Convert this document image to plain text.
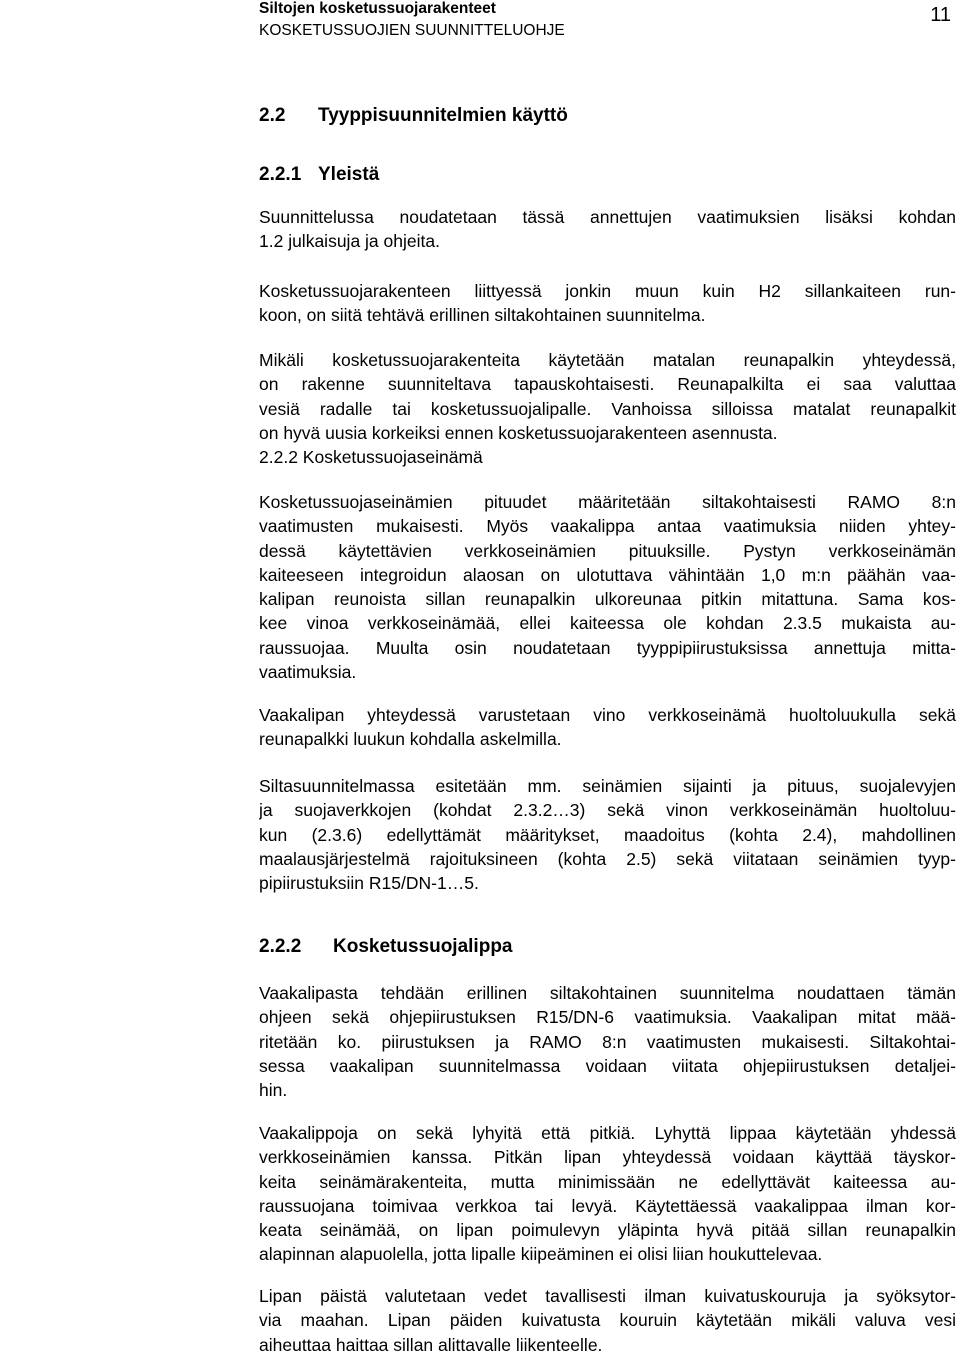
Siltojen kosketussuojarakenteet
KOSKETUSSUOJIEN SUUNNITTELUOHJE
11
2.2 Tyyppisuunnitelmien käyttö
2.2.1 Yleistä
Suunnittelussa noudatetaan tässä annettujen vaatimuksien lisäksi kohdan
1.2 julkaisuja ja ohjeita.
Kosketussuojarakenteen liittyessä jonkin muun kuin H2 sillankaiteen run-
koon, on siitä tehtävä erillinen siltakohtainen suunnitelma.
Mikäli kosketussuojarakenteita käytetään matalan reunapalkin yhteydessä,
on rakenne suunniteltava tapauskohtaisesti. Reunapalkilta ei saa valuttaa
vesiä radalle tai kosketussuojalipalle. Vanhoissa silloissa matalat reunapalkit
on hyvä uusia korkeiksi ennen kosketussuojarakenteen asennusta.
2.2.2 Kosketussuojaseinämä
Kosketussuojaseinämien pituudet määritetään siltakohtaisesti RAMO 8:n
vaatimusten mukaisesti. Myös vaakalippa antaa vaatimuksia niiden yhtey-
dessä käytettävien verkkoseinämien pituuksille. Pystyn verkkoseinämän
kaiteeseen integroidun alaosan on ulotuttava vähintään 1,0 m:n päähän vaa-
kalipan reunoista sillan reunapalkin ulkoreunaa pitkin mitattuna. Sama kos-
kee vinoa verkkoseinämää, ellei kaiteessa ole kohdan 2.3.5 mukaista au-
raussuojaa. Muulta osin noudatetaan tyyppipiirustuksissa annettuja mitta-
vaatimuksia.
Vaakalipan yhteydessä varustetaan vino verkkoseinämä huoltoluukulla sekä
reunapalkki luukun kohdalla askelmilla.
Siltasuunnitelmassa esitetään mm. seinämien sijainti ja pituus, suojalevyjen
ja suojaverkkojen (kohdat 2.3.2…3) sekä vinon verkkoseinämän huoltoluu-
kun (2.3.6) edellyttämät määritykset, maadoitus (kohta 2.4), mahdollinen
maalausjärjestelmä rajoituksineen (kohta 2.5) sekä viitataan seinämien tyyp-
pipiirustuksiin R15/DN-1…5.
2.2.2 Kosketussuojalippa
Vaakalipasta tehdään erillinen siltakohtainen suunnitelma noudattaen tämän
ohjeen sekä ohjepiirustuksen R15/DN-6 vaatimuksia. Vaakalipan mitat mää-
ritetään ko. piirustuksen ja RAMO 8:n vaatimusten mukaisesti. Siltakohtai-
sessa vaakalipan suunnitelmassa voidaan viitata ohjepiirustuksen detaljei-
hin.
Vaakalippoja on sekä lyhyitä että pitkiä. Lyhyttä lippaa käytetään yhdessä
verkkoseinämien kanssa. Pitkän lipan yhteydessä voidaan käyttää täyskor-
keita seinämärakenteita, mutta minimissään ne edellyttävät kaiteessa au-
raussuojana toimivaa verkkoa tai levyä. Käytettäessä vaakalippaa ilman kor-
keata seinämää, on lipan poimulevyn yläpinta hyvä pitää sillan reunapalkin
alapinnan alapuolella, jotta lipalle kiipeäminen ei olisi liian houkuttelevaa.
Lipan päistä valutetaan vedet tavallisesti ilman kuivatuskouruja ja syöksytor-
via maahan. Lipan päiden kuivatusta kouruin käytetään mikäli valuva vesi
aiheuttaa haittaa sillan alittavalle liikenteelle.
